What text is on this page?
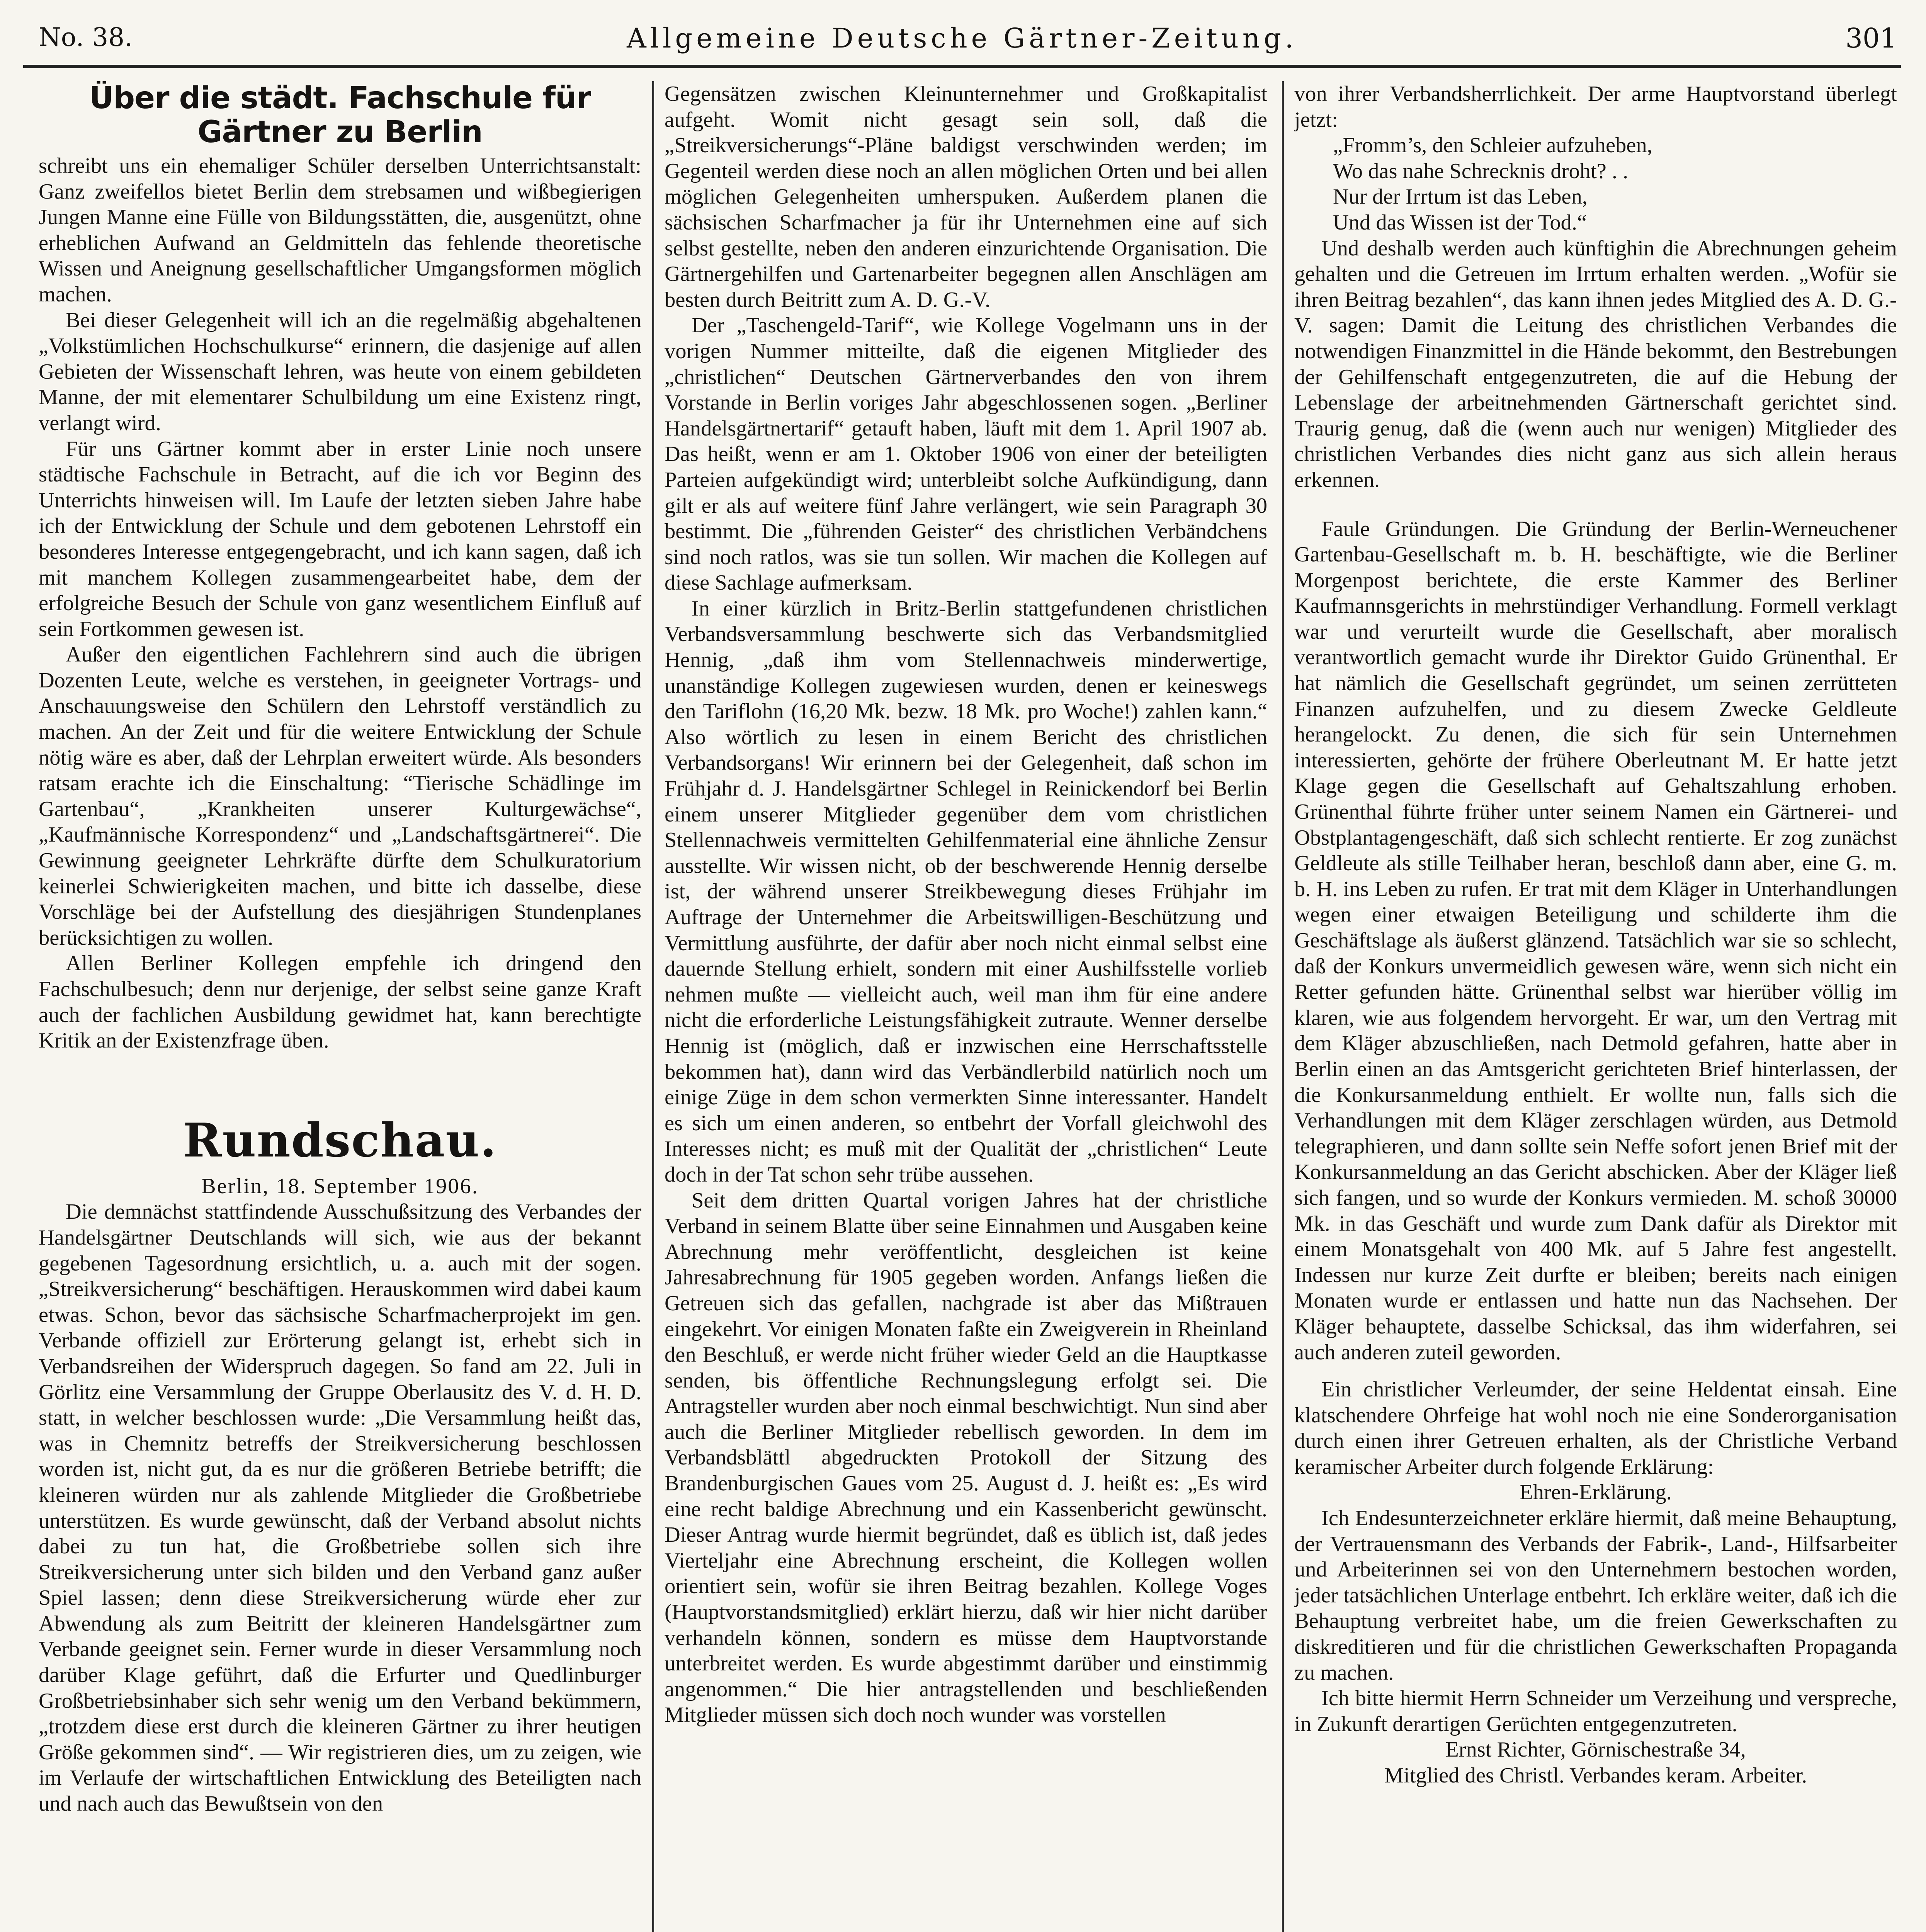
No. 38.	Allgemeine Deutsche Gärtner-Zeitung.	301
Über die städt. Fachschule für Gärtner zu Berlin

schreibt uns ein ehemaliger Schüler derselben Unterrichtsanstalt: Ganz zweifellos bietet Berlin dem strebsamen und wißbegierigen Jungen Manne eine Fülle von Bildungsstätten, die, ausgenützt, ohne erheblichen Aufwand an Geldmitteln das fehlende theoretische Wissen und Aneignung gesellschaftlicher Umgangsformen möglich machen.

Bei dieser Gelegenheit will ich an die regelmäßig abgehaltenen „Volkstümlichen Hochschulkurse“ erinnern, die dasjenige auf allen Gebieten der Wissenschaft lehren, was heute von einem gebildeten Manne, der mit elementarer Schulbildung um eine Existenz ringt, verlangt wird.

Für uns Gärtner kommt aber in erster Linie noch unsere städtische Fachschule in Betracht, auf die ich vor Beginn des Unterrichts hinweisen will. Im Laufe der letzten sieben Jahre habe ich der Entwicklung der Schule und dem gebotenen Lehrstoff ein besonderes Interesse entgegengebracht, und ich kann sagen, daß ich mit manchem Kollegen zusammengearbeitet habe, dem der erfolgreiche Besuch der Schule von ganz wesentlichem Einfluß auf sein Fortkommen gewesen ist.

Außer den eigentlichen Fachlehrern sind auch die übrigen Dozenten Leute, welche es verstehen, in geeigneter Vortrags- und Anschauungsweise den Schülern den Lehrstoff verständlich zu machen. An der Zeit und für die weitere Entwicklung der Schule nötig wäre es aber, daß der Lehrplan erweitert würde. Als besonders ratsam erachte ich die Einschaltung: “Tierische Schädlinge im Gartenbau“, „Krankheiten unserer Kulturgewächse“, „Kaufmännische Korrespondenz“ und „Landschaftsgärtnerei“. Die Gewinnung geeigneter Lehrkräfte dürfte dem Schulkuratorium keinerlei Schwierigkeiten machen, und bitte ich dasselbe, diese Vorschläge bei der Aufstellung des diesjährigen Stundenplanes berücksichtigen zu wollen.

Allen Berliner Kollegen empfehle ich dringend den Fachschulbesuch; denn nur derjenige, der selbst seine ganze Kraft auch der fachlichen Ausbildung gewidmet hat, kann berechtigte Kritik an der Existenzfrage üben.

Rundschau.
Berlin, 18. September 1906.

Die demnächst stattfindende Ausschußsitzung des Verbandes der Handelsgärtner Deutschlands will sich, wie aus der bekannt gegebenen Tagesordnung ersichtlich, u. a. auch mit der sogen. „Streikversicherung“ beschäftigen. Herauskommen wird dabei kaum etwas. Schon, bevor das sächsische Scharfmacherprojekt im gen. Verbande offiziell zur Erörterung gelangt ist, erhebt sich in Verbandsreihen der Widerspruch dagegen. So fand am 22. Juli in Görlitz eine Versammlung der Gruppe Oberlausitz des V. d. H. D. statt, in welcher beschlossen wurde: „Die Versammlung heißt das, was in Chemnitz betreffs der Streikversicherung beschlossen worden ist, nicht gut, da es nur die größeren Betriebe betrifft; die kleineren würden nur als zahlende Mitglieder die Großbetriebe unterstützen. Es wurde gewünscht, daß der Verband absolut nichts dabei zu tun hat, die Großbetriebe sollen sich ihre Streikversicherung unter sich bilden und den Verband ganz außer Spiel lassen; denn diese Streikversicherung würde eher zur Abwendung als zum Beitritt der kleineren Handelsgärtner zum Verbande geeignet sein. Ferner wurde in dieser Versammlung noch darüber Klage geführt, daß die Erfurter und Quedlinburger Großbetriebsinhaber sich sehr wenig um den Verband bekümmern, „trotzdem diese erst durch die kleineren Gärtner zu ihrer heutigen Größe gekommen sind“. — Wir registrieren dies, um zu zeigen, wie im Verlaufe der wirtschaftlichen Entwicklung des Beteiligten nach und nach auch das Bewußtsein von den

Gegensätzen zwischen Kleinunternehmer und Großkapitalist aufgeht. Womit nicht gesagt sein soll, daß die „Streikversicherungs“-Pläne baldigst verschwinden werden; im Gegenteil werden diese noch an allen möglichen Orten und bei allen möglichen Gelegenheiten umherspuken. Außerdem planen die sächsischen Scharfmacher ja für ihr Unternehmen eine auf sich selbst gestellte, neben den anderen einzurichtende Organisation. Die Gärtnergehilfen und Gartenarbeiter begegnen allen Anschlägen am besten durch Beitritt zum A. D. G.-V.

Der „Taschengeld-Tarif“, wie Kollege Vogelmann uns in der vorigen Nummer mitteilte, daß die eigenen Mitglieder des „christlichen“ Deutschen Gärtnerverbandes den von ihrem Vorstande in Berlin voriges Jahr abgeschlossenen sogen. „Berliner Handelsgärtnertarif“ getauft haben, läuft mit dem 1. April 1907 ab. Das heißt, wenn er am 1. Oktober 1906 von einer der beteiligten Parteien aufgekündigt wird; unterbleibt solche Aufkündigung, dann gilt er als auf weitere fünf Jahre verlängert, wie sein Paragraph 30 bestimmt. Die „führenden Geister“ des christlichen Verbändchens sind noch ratlos, was sie tun sollen. Wir machen die Kollegen auf diese Sachlage aufmerksam.

In einer kürzlich in Britz-Berlin stattgefundenen christlichen Verbandsversammlung beschwerte sich das Verbandsmitglied Hennig, „daß ihm vom Stellennachweis minderwertige, unanständige Kollegen zugewiesen wurden, denen er keineswegs den Tariflohn (16,20 Mk. bezw. 18 Mk. pro Woche!) zahlen kann.“ Also wörtlich zu lesen in einem Bericht des christlichen Verbandsorgans! Wir erinnern bei der Gelegenheit, daß schon im Frühjahr d. J. Handelsgärtner Schlegel in Reinickendorf bei Berlin einem unserer Mitglieder gegenüber dem vom christlichen Stellennachweis vermittelten Gehilfenmaterial eine ähnliche Zensur ausstellte. Wir wissen nicht, ob der beschwerende Hennig derselbe ist, der während unserer Streikbewegung dieses Frühjahr im Auftrage der Unternehmer die Arbeitswilligen-Beschützung und Vermittlung ausführte, der dafür aber noch nicht einmal selbst eine dauernde Stellung erhielt, sondern mit einer Aushilfsstelle vorlieb nehmen mußte — vielleicht auch, weil man ihm für eine andere nicht die erforderliche Leistungsfähigkeit zutraute. Wenner derselbe Hennig ist (möglich, daß er inzwischen eine Herrschaftsstelle bekommen hat), dann wird das Verbändlerbild natürlich noch um einige Züge in dem schon vermerkten Sinne interessanter. Handelt es sich um einen anderen, so entbehrt der Vorfall gleichwohl des Interesses nicht; es muß mit der Qualität der „christlichen“ Leute doch in der Tat schon sehr trübe aussehen.

Seit dem dritten Quartal vorigen Jahres hat der christliche Verband in seinem Blatte über seine Einnahmen und Ausgaben keine Abrechnung mehr veröffentlicht, desgleichen ist keine Jahresabrechnung für 1905 gegeben worden. Anfangs ließen die Getreuen sich das gefallen, nachgrade ist aber das Mißtrauen eingekehrt. Vor einigen Monaten faßte ein Zweigverein in Rheinland den Beschluß, er werde nicht früher wieder Geld an die Hauptkasse senden, bis öffentliche Rechnungslegung erfolgt sei. Die Antragsteller wurden aber noch einmal beschwichtigt. Nun sind aber auch die Berliner Mitglieder rebellisch geworden. In dem im Verbandsblättl abgedruckten Protokoll der Sitzung des Brandenburgischen Gaues vom 25. August d. J. heißt es: „Es wird eine recht baldige Abrechnung und ein Kassenbericht gewünscht. Dieser Antrag wurde hiermit begründet, daß es üblich ist, daß jedes Vierteljahr eine Abrechnung erscheint, die Kollegen wollen orientiert sein, wofür sie ihren Beitrag bezahlen. Kollege Voges (Hauptvorstandsmitglied) erklärt hierzu, daß wir hier nicht darüber verhandeln können, sondern es müsse dem Hauptvorstande unterbreitet werden. Es wurde abgestimmt darüber und einstimmig angenommen.“ Die hier antragstellenden und beschließenden Mitglieder müssen sich doch noch wunder was vorstellen

von ihrer Verbandsherrlichkeit. Der arme Hauptvorstand überlegt jetzt:

„Fromm’s, den Schleier aufzuheben,
Wo das nahe Schrecknis droht? . .
Nur der Irrtum ist das Leben,
Und das Wissen ist der Tod.“

Und deshalb werden auch künftighin die Abrechnungen geheim gehalten und die Getreuen im Irrtum erhalten werden. „Wofür sie ihren Beitrag bezahlen“, das kann ihnen jedes Mitglied des A. D. G.-V. sagen: Damit die Leitung des christlichen Verbandes die notwendigen Finanzmittel in die Hände bekommt, den Bestrebungen der Gehilfenschaft entgegenzutreten, die auf die Hebung der Lebenslage der arbeitnehmenden Gärtnerschaft gerichtet sind. Traurig genug, daß die (wenn auch nur wenigen) Mitglieder des christlichen Verbandes dies nicht ganz aus sich allein heraus erkennen.

Faule Gründungen. Die Gründung der Berlin-Werneuchener Gartenbau-Gesellschaft m. b. H. beschäftigte, wie die Berliner Morgenpost berichtete, die erste Kammer des Berliner Kaufmannsgerichts in mehrstündiger Verhandlung. Formell verklagt war und verurteilt wurde die Gesellschaft, aber moralisch verantwortlich gemacht wurde ihr Direktor Guido Grünenthal. Er hat nämlich die Gesellschaft gegründet, um seinen zerrütteten Finanzen aufzuhelfen, und zu diesem Zwecke Geldleute herangelockt. Zu denen, die sich für sein Unternehmen interessierten, gehörte der frühere Oberleutnant M. Er hatte jetzt Klage gegen die Gesellschaft auf Gehaltszahlung erhoben. Grünenthal führte früher unter seinem Namen ein Gärtnerei- und Obstplantagengeschäft, daß sich schlecht rentierte. Er zog zunächst Geldleute als stille Teilhaber heran, beschloß dann aber, eine G. m. b. H. ins Leben zu rufen. Er trat mit dem Kläger in Unterhandlungen wegen einer etwaigen Beteiligung und schilderte ihm die Geschäftslage als äußerst glänzend. Tatsächlich war sie so schlecht, daß der Konkurs unvermeidlich gewesen wäre, wenn sich nicht ein Retter gefunden hätte. Grünenthal selbst war hierüber völlig im klaren, wie aus folgendem hervorgeht. Er war, um den Vertrag mit dem Kläger abzuschließen, nach Detmold gefahren, hatte aber in Berlin einen an das Amtsgericht gerichteten Brief hinterlassen, der die Konkursanmeldung enthielt. Er wollte nun, falls sich die Verhandlungen mit dem Kläger zerschlagen würden, aus Detmold telegraphieren, und dann sollte sein Neffe sofort jenen Brief mit der Konkursanmeldung an das Gericht abschicken. Aber der Kläger ließ sich fangen, und so wurde der Konkurs vermieden. M. schoß 30000 Mk. in das Geschäft und wurde zum Dank dafür als Direktor mit einem Monatsgehalt von 400 Mk. auf 5 Jahre fest angestellt. Indessen nur kurze Zeit durfte er bleiben; bereits nach einigen Monaten wurde er entlassen und hatte nun das Nachsehen. Der Kläger behauptete, dasselbe Schicksal, das ihm widerfahren, sei auch anderen zuteil geworden.

Ein christlicher Verleumder, der seine Heldentat einsah. Eine klatschendere Ohrfeige hat wohl noch nie eine Sonderorganisation durch einen ihrer Getreuen erhalten, als der Christliche Verband keramischer Arbeiter durch folgende Erklärung:

Ehren-Erklärung.

Ich Endesunterzeichneter erkläre hiermit, daß meine Behauptung, der Vertrauensmann des Verbands der Fabrik-, Land-, Hilfsarbeiter und Arbeiterinnen sei von den Unternehmern bestochen worden, jeder tatsächlichen Unterlage entbehrt. Ich erkläre weiter, daß ich die Behauptung verbreitet habe, um die freien Gewerkschaften zu diskreditieren und für die christlichen Gewerkschaften Propaganda zu machen.

Ich bitte hiermit Herrn Schneider um Verzeihung und verspreche, in Zukunft derartigen Gerüchten entgegenzutreten.

Ernst Richter, Görnischestraße 34,
Mitglied des Christl. Verbandes keram. Arbeiter.
